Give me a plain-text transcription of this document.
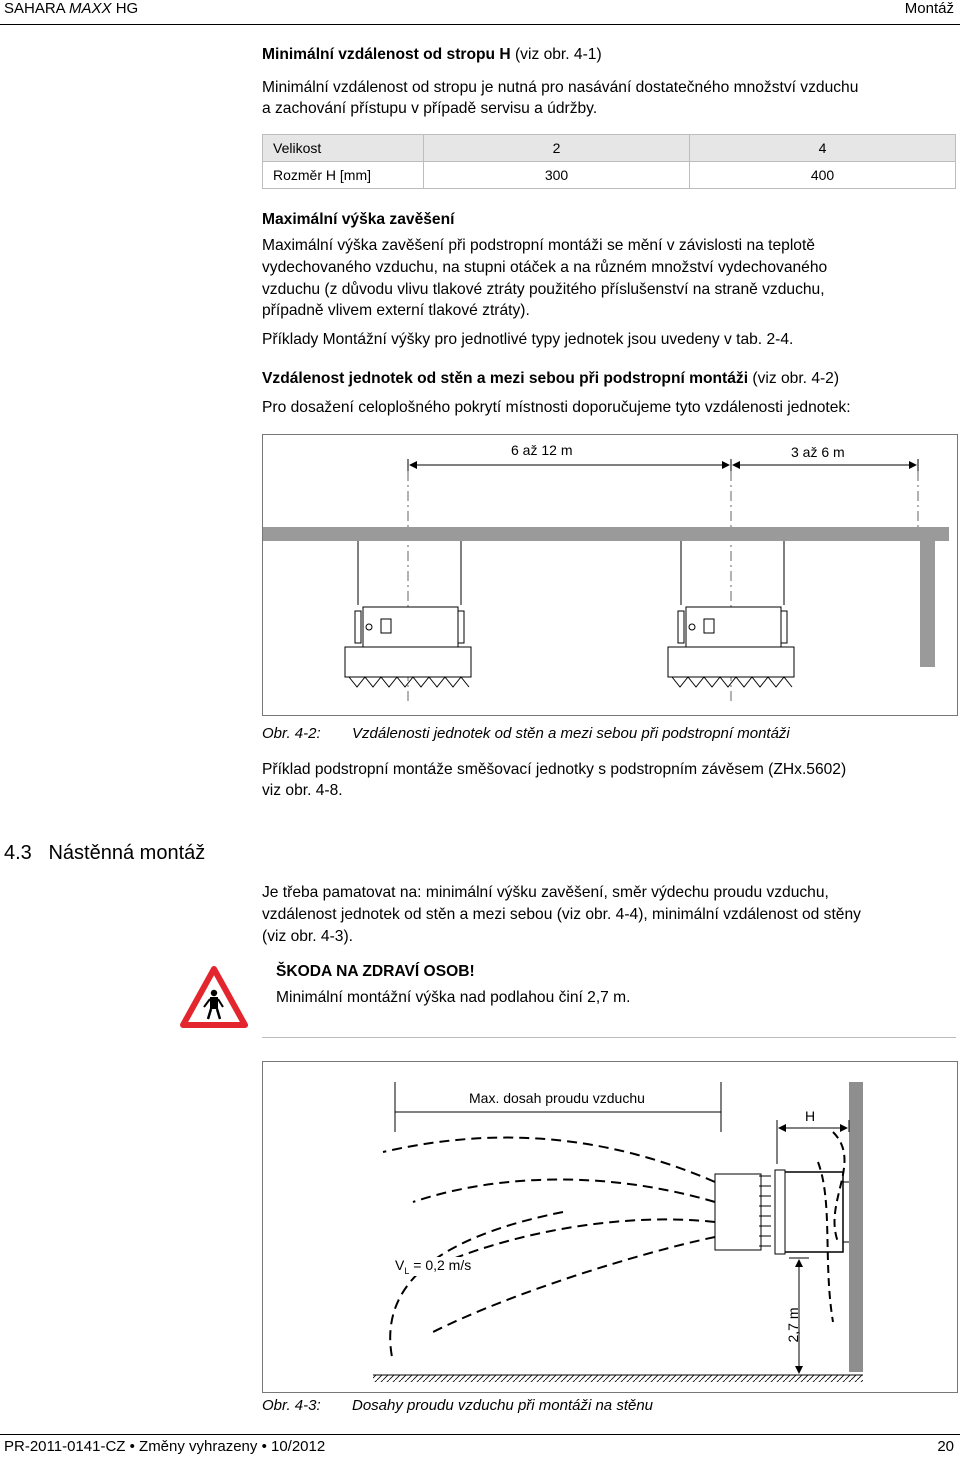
SAHARA MAXX HG	Montáž
Minimální vzdálenost od stropu H (viz obr. 4-1)
Minimální vzdálenost od stropu je nutná pro nasávání dostatečného množství vzduchu
a zachování přístupu v případě servisu a údržby.
Velikost	2	4
Rozměr H [mm]	300	400
Maximální výška zavěšení
Maximální výška zavěšení při podstropní montáži se mění v závislosti na teplotě
vydechovaného vzduchu, na stupni otáček a na různém množství vydechovaného
vzduchu (z důvodu vlivu tlakové ztráty použitého příslušenství na straně vzduchu,
případně vlivem externí tlakové ztráty).
Příklady Montážní výšky pro jednotlivé typy jednotek jsou uvedeny v tab. 2-4.
Vzdálenost jednotek od stěn a mezi sebou při podstropní montáži (viz obr. 4-2)
Pro dosažení celoplošného pokrytí místnosti doporučujeme tyto vzdálenosti jednotek:
6 až 12 m	3 až 6 m
Obr. 4-2: Vzdálenosti jednotek od stěn a mezi sebou při podstropní montáži
Příklad podstropní montáže směšovací jednotky s podstropním závěsem (ZHx.5602)
viz obr. 4-8.
4.3 Nástěnná montáž
Je třeba pamatovat na: minimální výšku zavěšení, směr výdechu proudu vzduchu,
vzdálenost jednotek od stěn a mezi sebou (viz obr. 4-4), minimální vzdálenost od stěny
(viz obr. 4-3).
ŠKODA NA ZDRAVÍ OSOB!
Minimální montážní výška nad podlahou činí 2,7 m.
Max. dosah proudu vzduchu
H
$V_L = 0,2$ m/s
2,7 m
Obr. 4-3: Dosahy proudu vzduchu při montáži na stěnu
PR-2011-0141-CZ • Změny vyhrazeny • 10/2012	20
